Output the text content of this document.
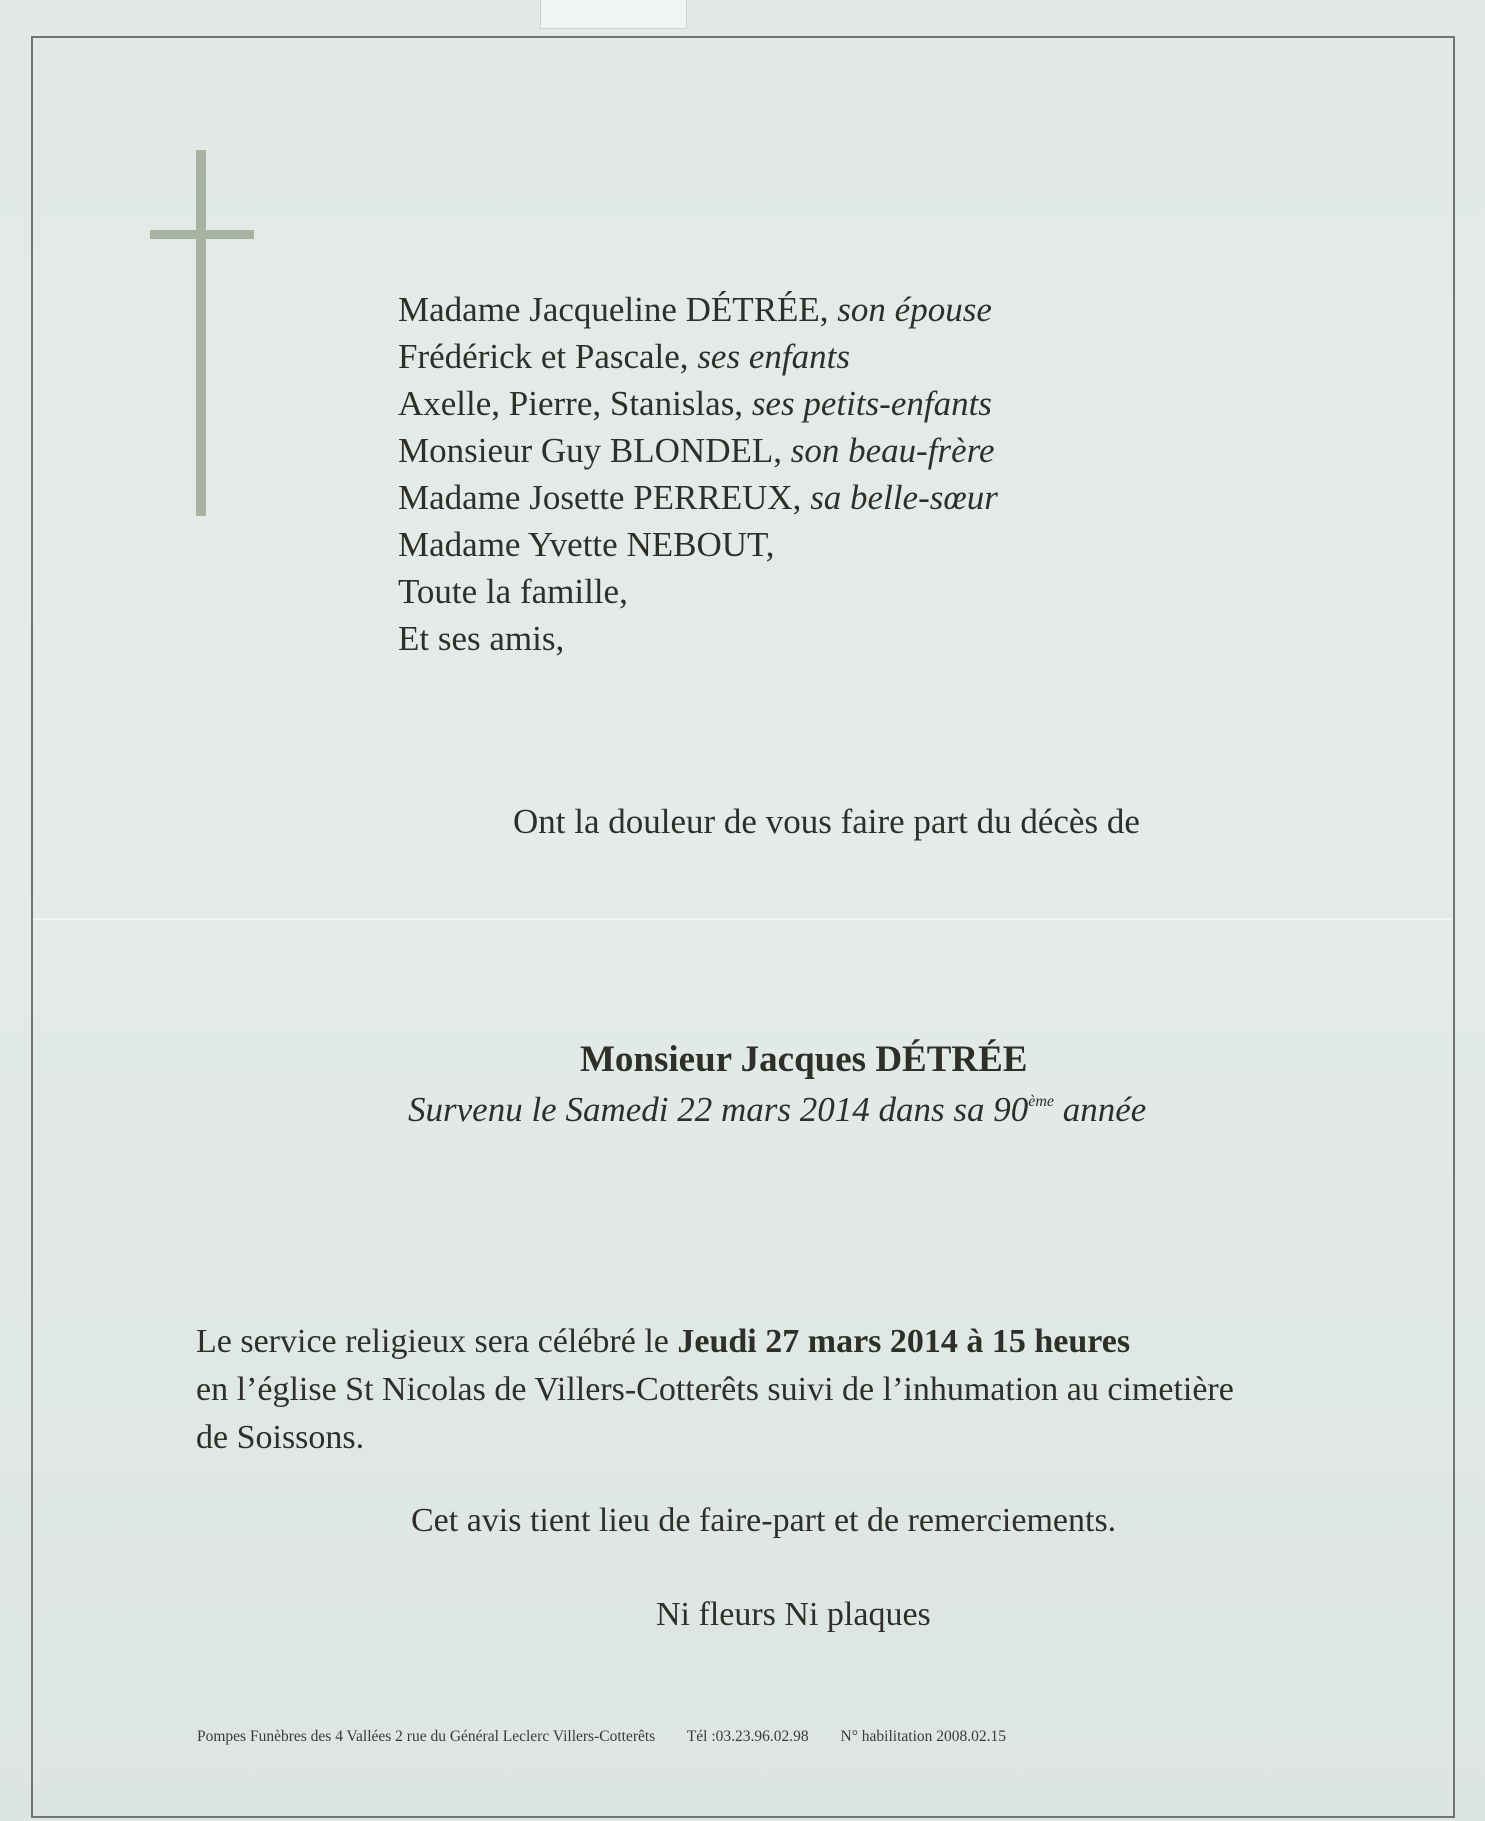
Madame Jacqueline DÉTRÉE, son épouse
Frédérick et Pascale, ses enfants
Axelle, Pierre, Stanislas, ses petits-enfants
Monsieur Guy BLONDEL, son beau-frère
Madame Josette PERREUX, sa belle-sœur
Madame Yvette NEBOUT,
Toute la famille,
Et ses amis,
Ont la douleur de vous faire part du décès de
Monsieur Jacques DÉTRÉE
Survenu le Samedi 22 mars 2014 dans sa 90ème année
Le service religieux sera célébré le Jeudi 27 mars 2014 à 15 heures
en l’église St Nicolas de Villers-Cotterêts suivi de l’inhumation au cimetière
de Soissons.
Cet avis tient lieu de faire-part et de remerciements.
Ni fleurs Ni plaques
Pompes Funèbres des 4 Vallées 2 rue du Général Leclerc Villers-Cotterêts Tél :03.23.96.02.98 N° habilitation 2008.02.15
